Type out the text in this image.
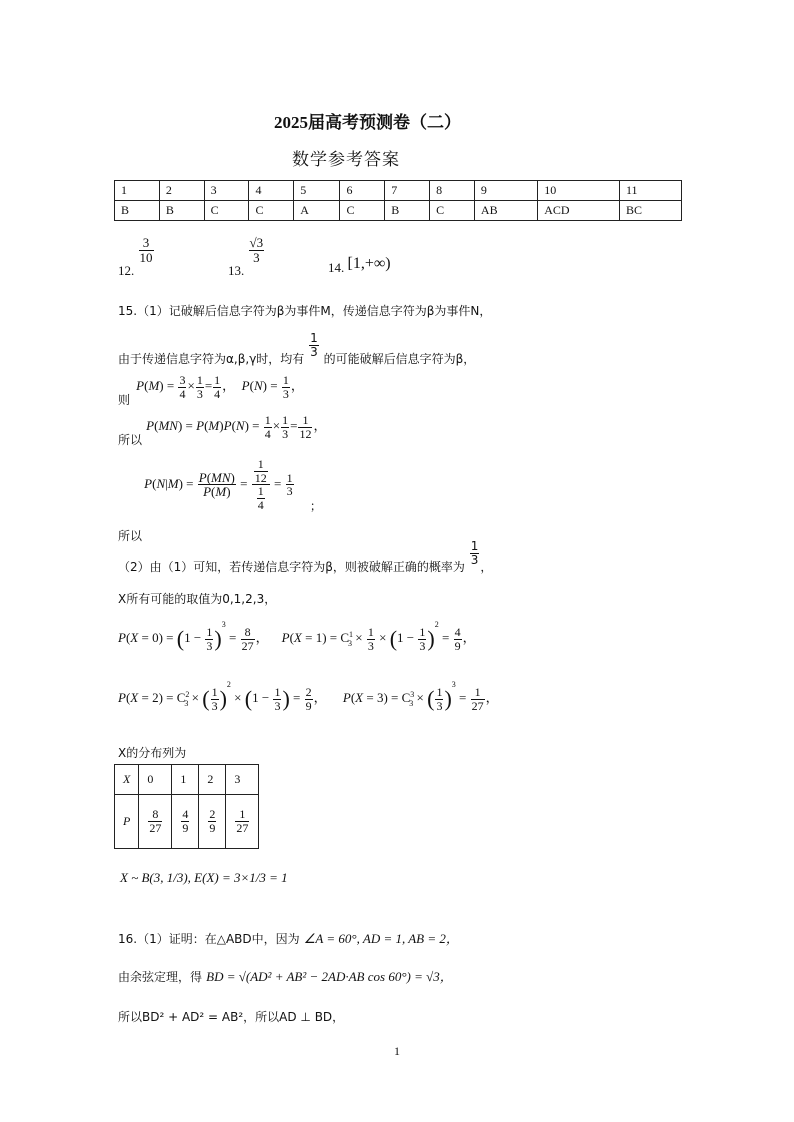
2025届高考预测卷（二）
数学参考答案
1	2	3	4	5	6	7	8	9	10	11
B	B	C	C	A	C	B	C	AB	ACD	BC
12.
$\frac{3}{10}$
13.
$\frac{√3}{3}$
14. [1,+∞)
15.（1）记破解后信息字符为β为事件M，传递信息字符为β为事件N，
由于传递信息字符为α,β,γ时，均有
$\frac{1}{3}$
的可能破解后信息字符为β，
则 $P(M) = \frac{3}{4} \times \frac{1}{3} = \frac{1}{4}$ ，  $P(N) = \frac{1}{3}$ ，
所以 $P(MN) = P(M)P(N) = \frac{1}{4} \times \frac{1}{3} = \frac{1}{12}$ ，
所以 $P(N|M) = \frac{P(MN)}{P(M)} = \frac{\frac{1}{12}}{\frac{1}{4}} = \frac{1}{3}$
；
（2）由（1）可知，若传递信息字符为β，则被破解正确的概率为
$\frac{1}{3}$
，
X所有可能的取值为0,1,2,3，
$P(X = 0) = (1 - \frac{1}{3} )^3 = \frac{8}{27}$ ，    $P(X = 1) = C^1_3 \times \frac{1}{3} \times (1 - \frac{1}{3} )^2 = \frac{4}{9}$ ，
$P(X = 2) = C^2_3$ × ( $\frac{1}{3} )^2 \times (1 - \frac{1}{3}$ ) = $\frac{2}{9}$ ，     $P(X = 3) = C^3_3$ × ( $\frac{1}{3} )^3 = \frac{1}{27}$ ，
X的分布列为
X	0	1	2	3
P	$\frac{8}{27}$	$\frac{4}{9}$	$\frac{2}{9}$	$\frac{1}{27}$
X ~ B(3, 1/3), E(X) = 3×1/3 = 1
16.（1）证明：在△ABD中，因为 ∠A = 60°, AD = 1, AB = 2，
由余弦定理，得 BD = √(AD² + AB² − 2AD·AB cos 60°) = √3，
所以BD² + AD² = AB²，所以AD ⊥ BD，
1
